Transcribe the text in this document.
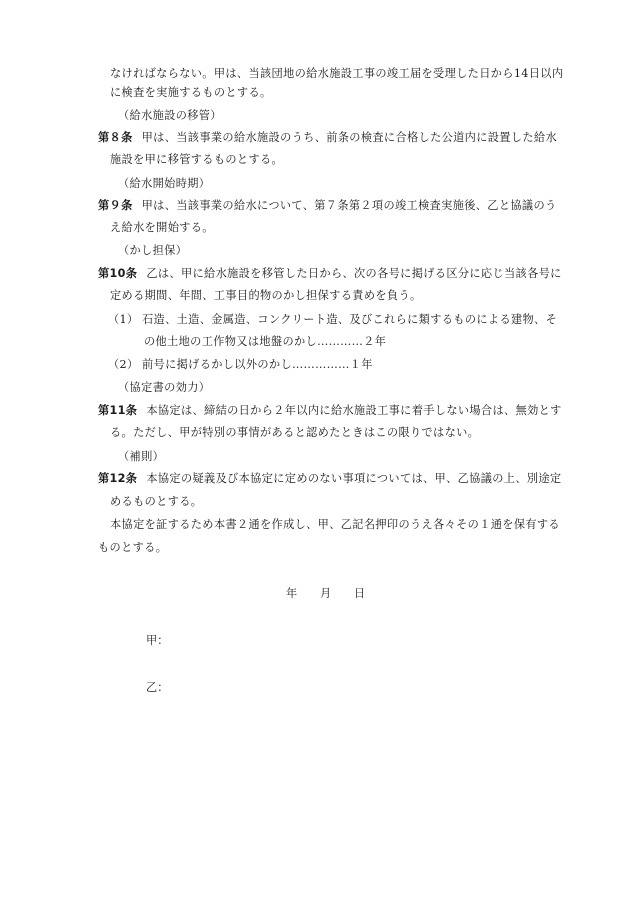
なければならない。甲は、当該団地の給水施設工事の竣工届を受理した日から14日以内
に検査を実施するものとする。
（給水施設の移管）
第８条 甲は、当該事業の給水施設のうち、前条の検査に合格した公道内に設置した給水
施設を甲に移管するものとする。
（給水開始時期）
第９条 甲は、当該事業の給水について、第７条第２項の竣工検査実施後、乙と協議のう
え給水を開始する。
（かし担保）
第10条 乙は、甲に給水施設を移管した日から、次の各号に掲げる区分に応じ当該各号に
定める期間、年間、工事目的物のかし担保する責めを負う。
（1） 石造、土造、金属造、コンクリート造、及びこれらに類するものによる建物、そ
の他土地の工作物又は地盤のかし…………２年
（2） 前号に掲げるかし以外のかし……………１年
（協定書の効力）
第11条 本協定は、締結の日から２年以内に給水施設工事に着手しない場合は、無効とす
る。ただし、甲が特別の事情があると認めたときはこの限りではない。
（補則）
第12条 本協定の疑義及び本協定に定めのない事項については、甲、乙協議の上、別途定
めるものとする。
本協定を証するため本書２通を作成し、甲、乙記名押印のうえ各々その１通を保有する
ものとする。
年 月 日
甲：
乙：
